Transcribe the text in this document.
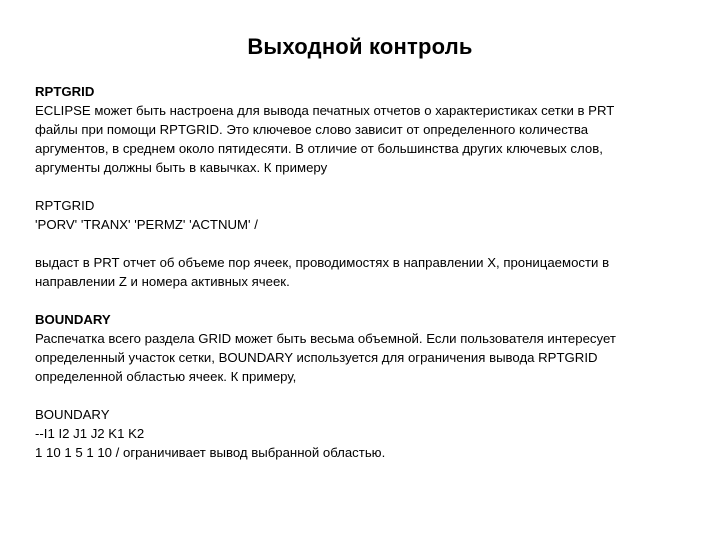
Выходной контроль
RPTGRID
ECLIPSE может быть настроена для вывода печатных отчетов о характеристиках сетки в PRT
файлы при помощи RPTGRID. Это ключевое слово зависит от определенного количества
аргументов, в среднем около пятидесяти. В отличие от большинства других ключевых слов,
аргументы должны быть в кавычках. К примеру
RPTGRID
'PORV' 'TRANX' 'PERMZ' 'ACTNUM' /
выдаст в PRT отчет об объеме пор ячеек, проводимостях в направлении X, проницаемости в
направлении Z и номера активных ячеек.
BOUNDARY
Распечатка всего раздела GRID может быть весьма объемной. Если пользователя интересует
определенный участок сетки, BOUNDARY используется для ограничения вывода RPTGRID
определенной областью ячеек. К примеру,
BOUNDARY
--I1 I2 J1 J2 K1 K2
1 10 1 5 1 10 / ограничивает вывод выбранной областью.
